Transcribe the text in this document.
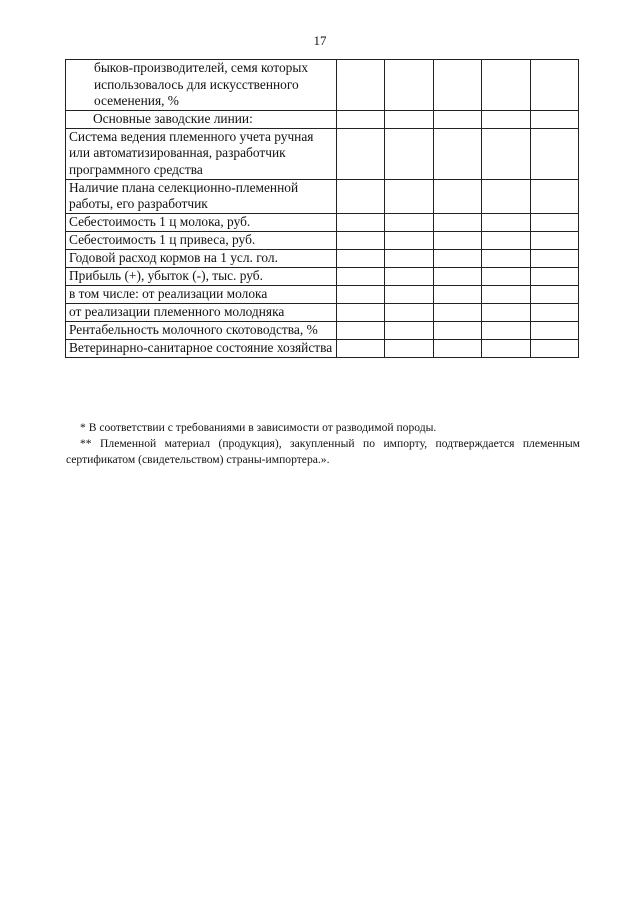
17
быков-производителей, семя которых использовалось для искусственного осеменения, %					
Основные заводские линии:					
Система ведения племенного учета ручная или автоматизированная, разработчик программного средства					
Наличие плана селекционно-племенной работы, его разработчик					
Себестоимость 1 ц молока, руб.					
Себестоимость 1 ц привеса, руб.					
Годовой расход кормов на 1 усл. гол.					
Прибыль (+), убыток (-), тыс. руб.					
в том числе: от реализации молока					
от реализации племенного молодняка					
Рентабельность молочного скотоводства, %					
Ветеринарно-санитарное состояние хозяйства					
* В соответствии с требованиями в зависимости от разводимой породы.
** Племенной материал (продукция), закупленный по импорту, подтверждается племенным сертификатом (свидетельством) страны-импортера.».
